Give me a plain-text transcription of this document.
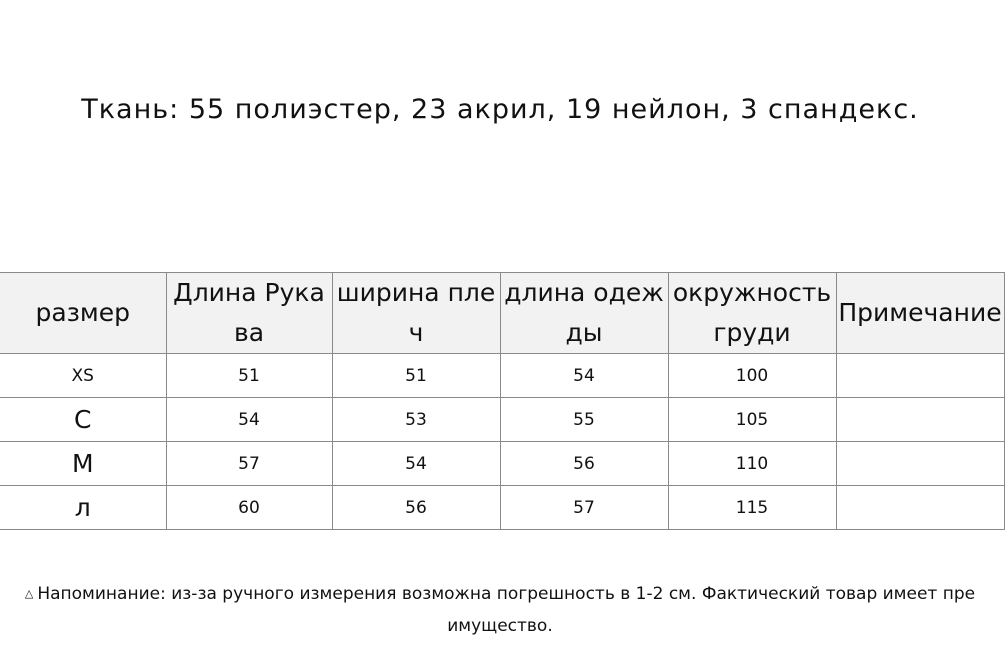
Ткань: 55 полиэстер, 23 акрил, 19 нейлон, 3 спандекс.
размер	Длина Рукава	ширина плеч	длина одежды	окружность груди	Примечание
XS	51	51	54	100	
С	54	53	55	105	
М	57	54	56	110	
л	60	56	57	115	
△ Напоминание: из-за ручного измерения возможна погрешность в 1-2 см. Фактический товар имеет пре
имущество.
